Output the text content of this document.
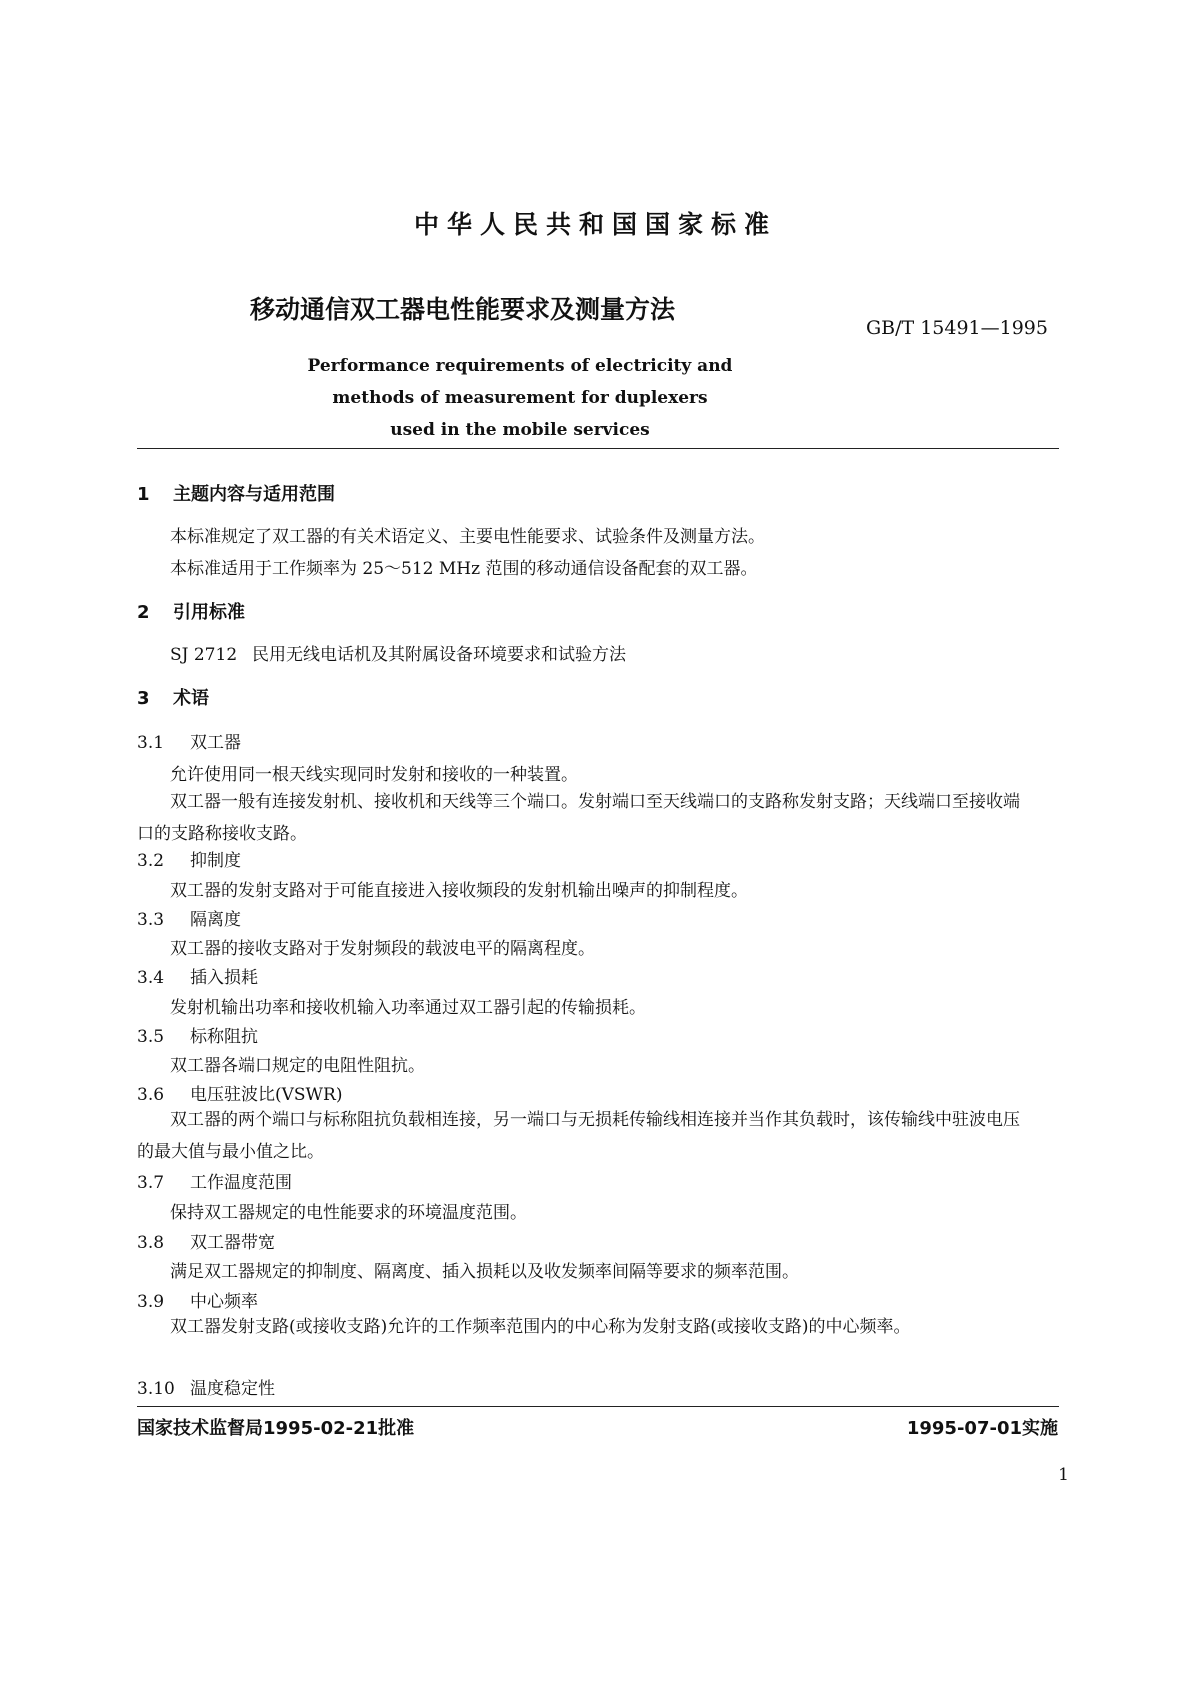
中华人民共和国国家标准
移动通信双工器电性能要求及测量方法
GB/T 15491—1995
Performance requirements of electricity and
methods of measurement for duplexers
used in the mobile services
1 主题内容与适用范围
本标准规定了双工器的有关术语定义、主要电性能要求、试验条件及测量方法。
本标准适用于工作频率为 25～512 MHz 范围的移动通信设备配套的双工器。
2 引用标准
SJ 2712 民用无线电话机及其附属设备环境要求和试验方法
3 术语
3.1 双工器
允许使用同一根天线实现同时发射和接收的一种装置。
双工器一般有连接发射机、接收机和天线等三个端口。发射端口至天线端口的支路称发射支路；天线端口至接收端口的支路称接收支路。
3.2 抑制度
双工器的发射支路对于可能直接进入接收频段的发射机输出噪声的抑制程度。
3.3 隔离度
双工器的接收支路对于发射频段的载波电平的隔离程度。
3.4 插入损耗
发射机输出功率和接收机输入功率通过双工器引起的传输损耗。
3.5 标称阻抗
双工器各端口规定的电阻性阻抗。
3.6 电压驻波比(VSWR)
双工器的两个端口与标称阻抗负载相连接，另一端口与无损耗传输线相连接并当作其负载时，该传输线中驻波电压的最大值与最小值之比。
3.7 工作温度范围
保持双工器规定的电性能要求的环境温度范围。
3.8 双工器带宽
满足双工器规定的抑制度、隔离度、插入损耗以及收发频率间隔等要求的频率范围。
3.9 中心频率
双工器发射支路(或接收支路)允许的工作频率范围内的中心称为发射支路(或接收支路)的中心频率。
3.10 温度稳定性
国家技术监督局1995-02-21批准	1995-07-01实施
1
